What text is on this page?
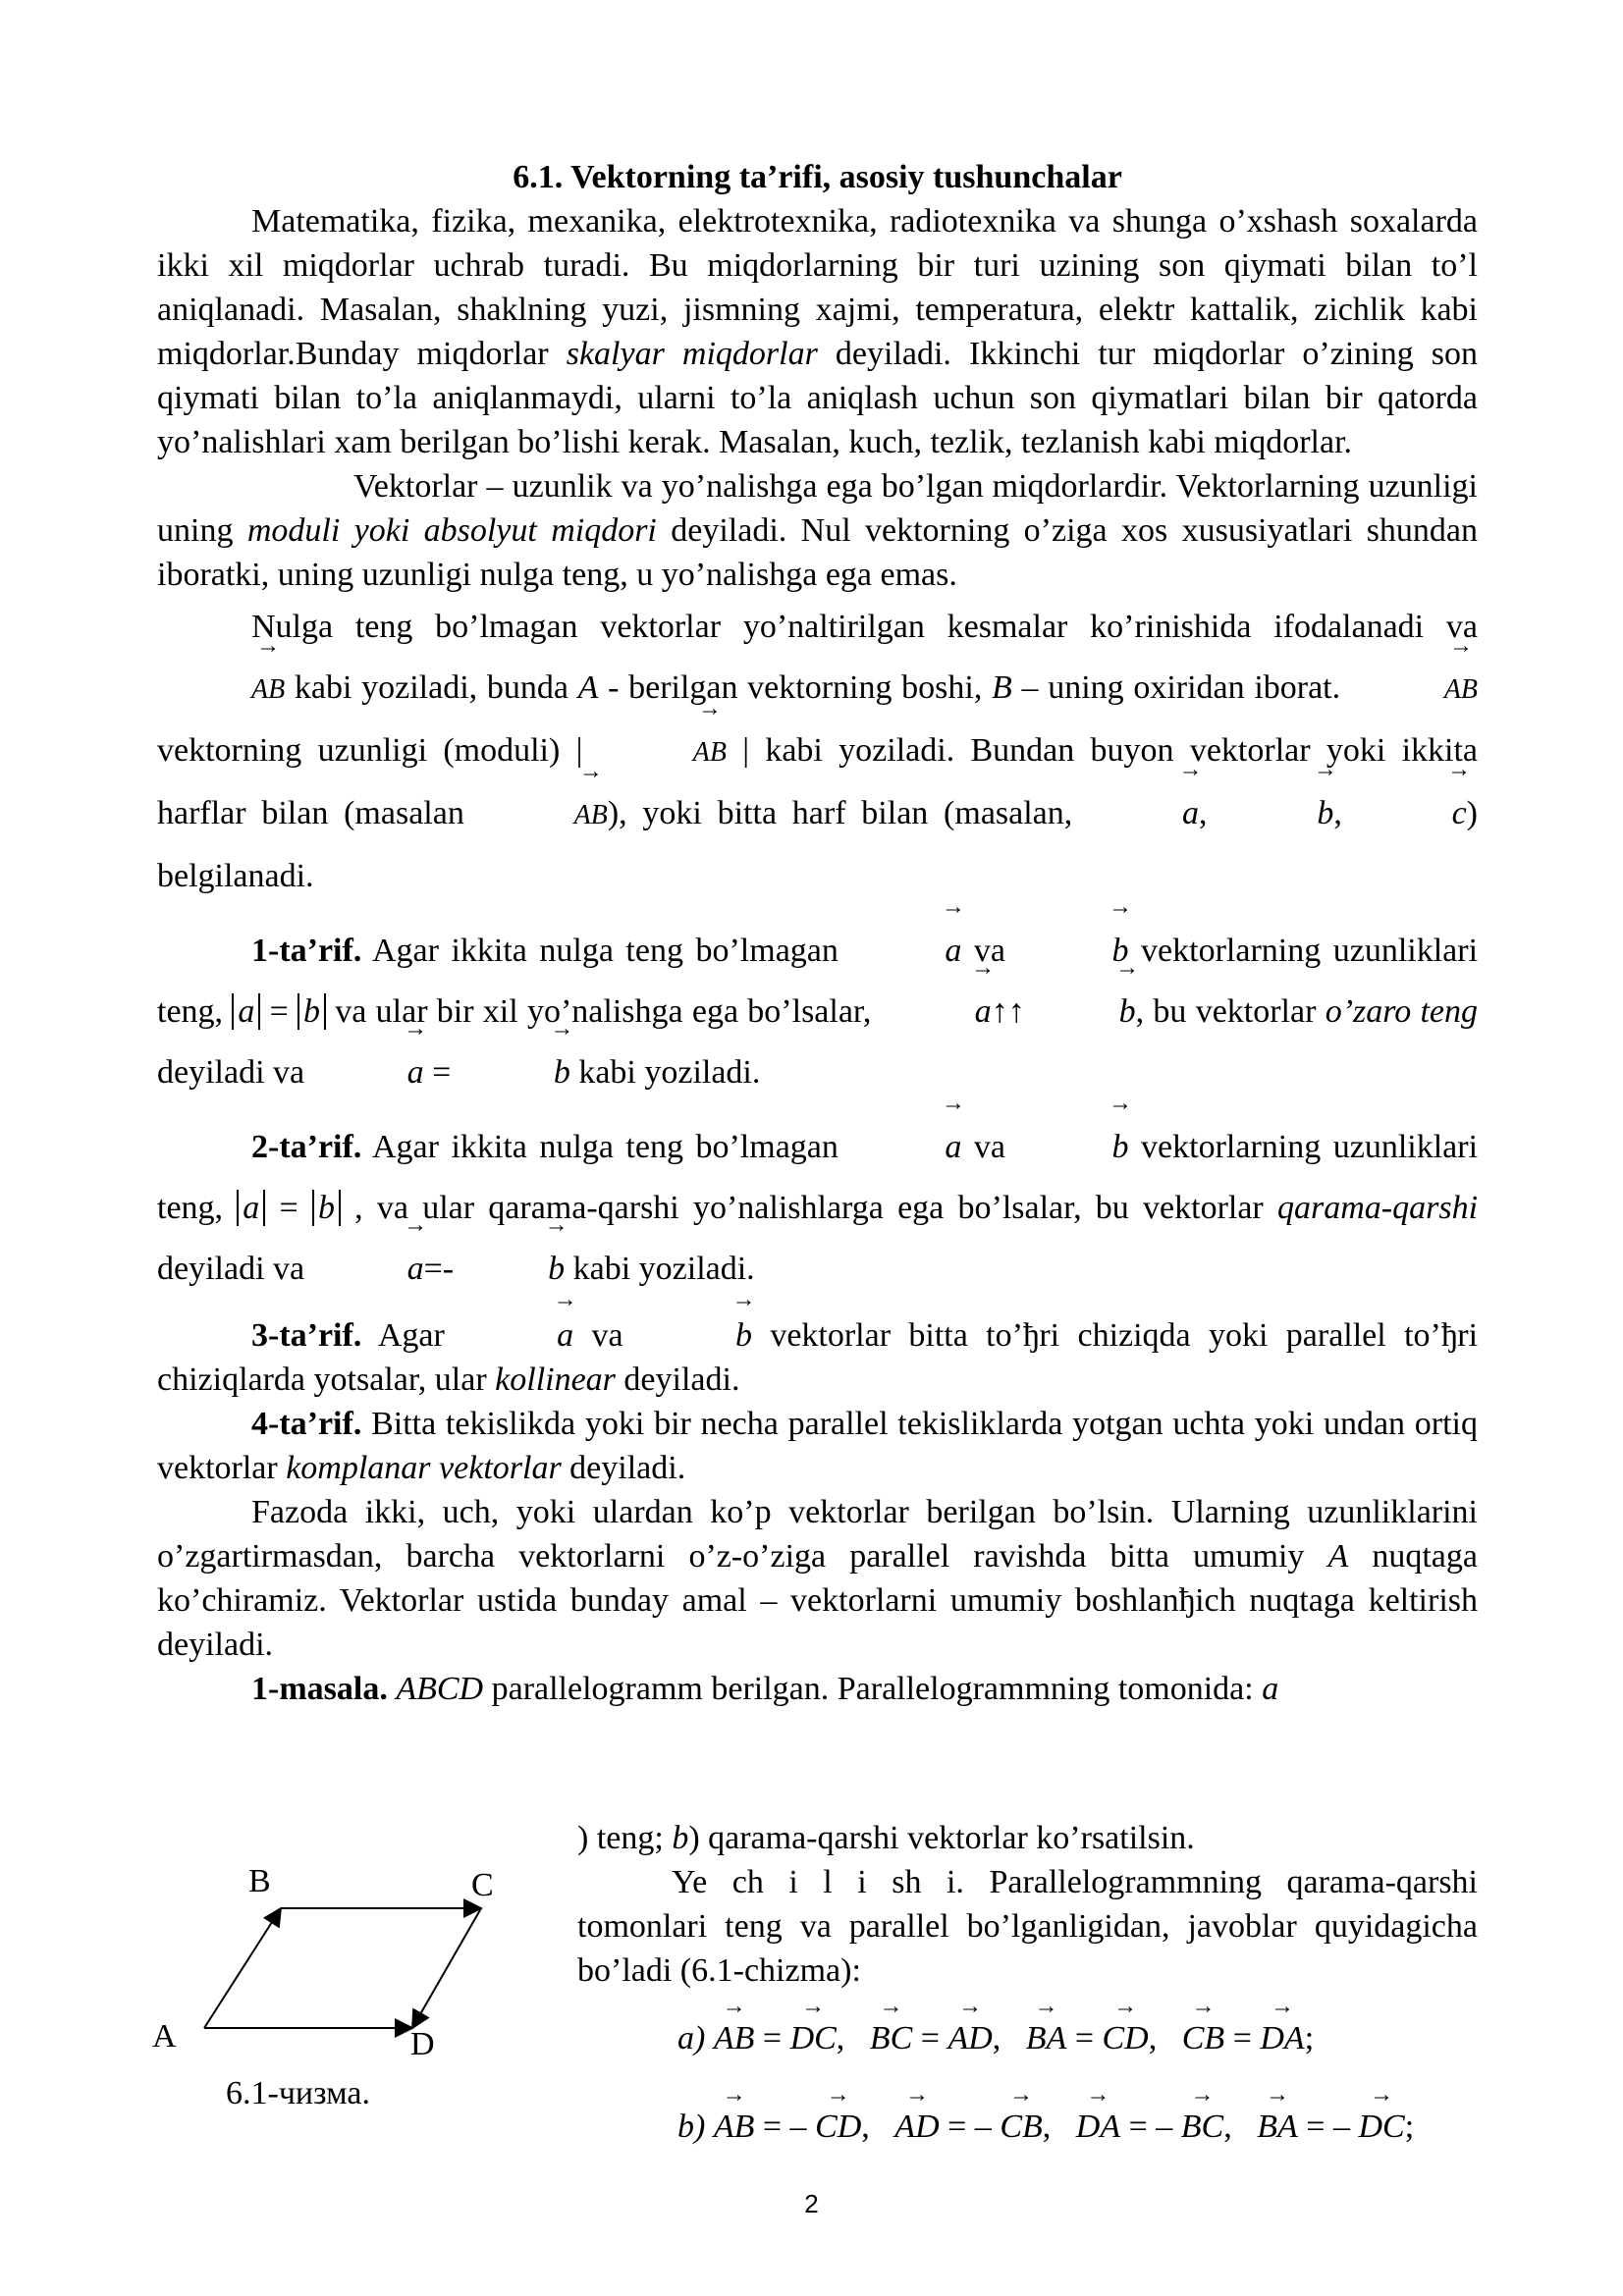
6.1. Vektorning ta’rifi, asosiy tushunchalar

Matematika, fizika, mexanika, elektrotexnika, radiotexnika va shunga o’xshash soxalarda ikki xil miqdorlar uchrab turadi. Bu miqdorlarning bir turi uzining son qiymati bilan to’l aniqlanadi. Masalan, shaklning yuzi, jismning xajmi, temperatura, elektr kattalik, zichlik kabi miqdorlar.Bunday miqdorlar skalyar miqdorlar deyiladi. Ikkinchi tur miqdorlar o’zining son qiymati bilan to’la aniqlanmaydi, ularni to’la aniqlash uchun son qiymatlari bilan bir qatorda yo’nalishlari xam berilgan bo’lishi kerak. Masalan, kuch, tezlik, tezlanish kabi miqdorlar.

Vektorlar – uzunlik va yo’nalishga ega bo’lgan miqdorlardir. Vektorlarning uzunligi uning moduli yoki absolyut miqdori deyiladi. Nul vektorning o’ziga xos xususiyatlari shundan iboratki, uning uzunligi nulga teng, u yo’nalishga ega emas.

Nulga teng bo’lmagan vektorlar yo’naltirilgan kesmalar ko’rinishida ifodalanadi va → AB kabi yoziladi, bunda A - berilgan vektorning boshi, B – uning oxiridan iborat.	→ AB vektorning uzunligi (moduli) |	→ AB | kabi yoziladi. Bundan buyon vektorlar yoki ikkita harflar bilan (masalan	→ AB), yoki bitta harf bilan (masalan,	→ a,	→ b,	→ c) belgilanadi.

1-ta’rif. Agar ikkita nulga teng bo’lmagan	→ a va	→ b vektorlarning uzunliklari teng, a = b va ular bir xil yo’nalishga ega bo’lsalar,	→ a↑↑	→ b, bu vektorlar o’zaro teng deyiladi va	→ a =	→ b kabi yoziladi.

2-ta’rif. Agar ikkita nulga teng bo’lmagan	→ a va	→ b vektorlarning uzunliklari teng, a = b , va ular qarama-qarshi yo’nalishlarga ega bo’lsalar, bu vektorlar qarama-qarshi deyiladi va	→ a=-	→ b kabi yoziladi.

3-ta’rif. Agar	→ a va	→ b vektorlar bitta to’ђri chiziqda yoki parallel to’ђri chiziqlarda yotsalar, ular kollinear deyiladi.

4-ta’rif. Bitta tekislikda yoki bir necha parallel tekisliklarda yotgan uchta yoki undan ortiq vektorlar komplanar vektorlar deyiladi.

Fazoda ikki, uch, yoki ulardan ko’p vektorlar berilgan bo’lsin. Ularning uzunliklarini o’zgartirmasdan, barcha vektorlarni o’z-o’ziga parallel ravishda bitta umumiy A nuqtaga ko’chiramiz. Vektorlar ustida bunday amal – vektorlarni umumiy boshlanђich nuqtaga keltirish deyiladi.

1-masala. ABCD parallelogramm berilgan. Parallelogrammning tomonida: a

) teng; b) qarama-qarshi vektorlar ko’rsatilsin.

Ye ch i l i sh i. Parallelogrammning qarama-qarshi tomonlari teng va parallel bo’lganligidan, javoblar quyidagicha bo’ladi (6.1-chizma):

B	C
A	D
6.1-чизма.
a) → AB = → DC, → BC = → AD, → BA = → CD, → CB = → DA;
b) → AB = – → CD, → AD = – → CB, → DA = – → BC, → BA = – → DC;
2
